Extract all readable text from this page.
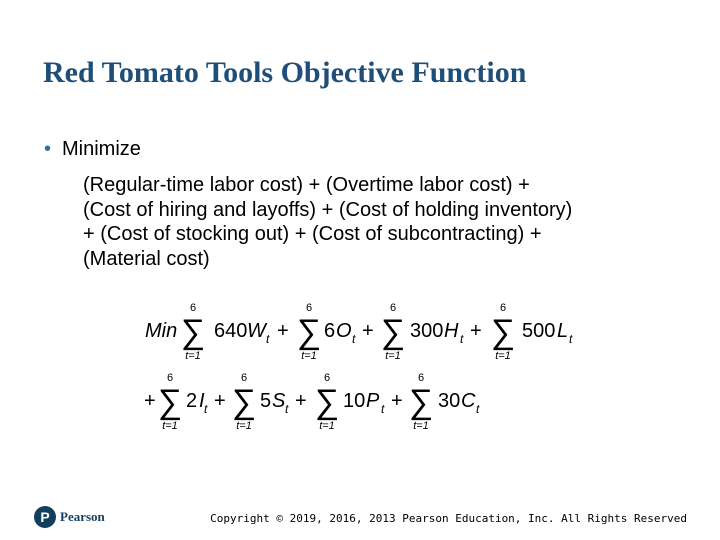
Red Tomato Tools Objective Function
• Minimize
(Regular-time labor cost) + (Overtime labor cost) +
(Cost of hiring and layoffs) + (Cost of holding inventory)
+ (Cost of stocking out) + (Cost of subcontracting) +
(Material cost)
Min
6
∑
t=1
640 W t +
6
∑
t=1
6 O t +
6
∑
t=1
300 H t +
6
∑
t=1
500 L t
+
6
∑
t=1
2 I t +
6
∑
t=1
5 S t +
6
∑
t=1
10 P t +
6
∑
t=1
30 C t
P Pearson	Copyright © 2019, 2016, 2013 Pearson Education, Inc. All Rights Reserved
